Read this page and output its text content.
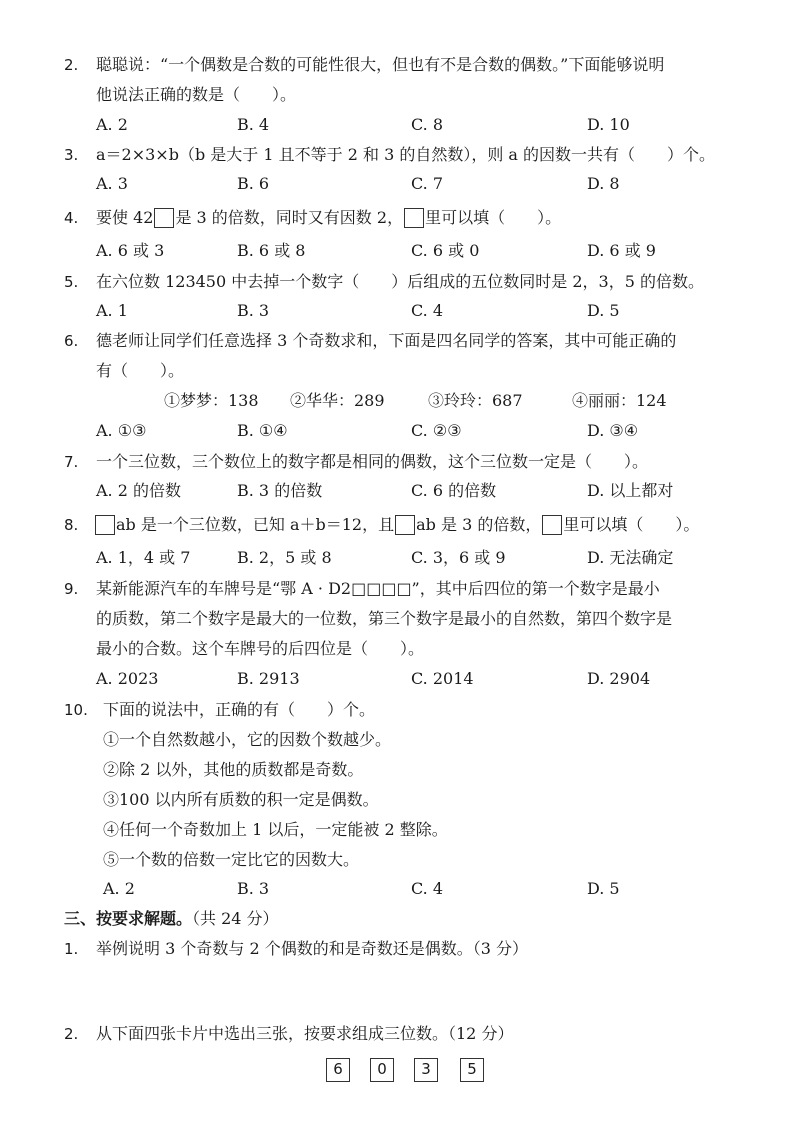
2. 聪聪说：“一个偶数是合数的可能性很大，但也有不是合数的偶数。”下面能够说明
他说法正确的数是（　　）。
A. 2	B. 4	C. 8	D. 10
3. a＝2×3×b（b 是大于 1 且不等于 2 和 3 的自然数），则 a 的因数一共有（　　）个。
A. 3	B. 6	C. 7	D. 8
4. 要使 42 是 3 的倍数，同时又有因数 2， 里可以填（　　）。
A. 6 或 3	B. 6 或 8	C. 6 或 0	D. 6 或 9
5. 在六位数 123450 中去掉一个数字（　　）后组成的五位数同时是 2，3，5 的倍数。
A. 1	B. 3	C. 4	D. 5
6. 德老师让同学们任意选择 3 个奇数求和，下面是四名同学的答案，其中可能正确的
有（　　）。
①梦梦：138 ②华华：289	③玲玲：687	④丽丽：124
A. ①③	B. ①④	C. ②③	D. ③④
7. 一个三位数，三个数位上的数字都是相同的偶数，这个三位数一定是（　　）。
A. 2 的倍数	B. 3 的倍数	C. 6 的倍数	D. 以上都对
8.	ab 是一个三位数，已知 a＋b＝12，且 ab 是 3 的倍数， 里可以填（　　）。
A. 1，4 或 7	B. 2，5 或 8	C. 3，6 或 9	D. 无法确定
9. 某新能源汽车的车牌号是“鄂 A · D2□□□□”，其中后四位的第一个数字是最小
的质数，第二个数字是最大的一位数，第三个数字是最小的自然数，第四个数字是
最小的合数。这个车牌号的后四位是（　　）。
A. 2023	B. 2913	C. 2014	D. 2904
10. 下面的说法中，正确的有（　　）个。
①一个自然数越小，它的因数个数越少。
②除 2 以外，其他的质数都是奇数。
③100 以内所有质数的积一定是偶数。
④任何一个奇数加上 1 以后，一定能被 2 整除。
⑤一个数的倍数一定比它的因数大。
A. 2	B. 3	C. 4	D. 5
三、按要求解题。（共 24 分）
1. 举例说明 3 个奇数与 2 个偶数的和是奇数还是偶数。（3 分）
2. 从下面四张卡片中选出三张，按要求组成三位数。（12 分）
6	0	3	5
